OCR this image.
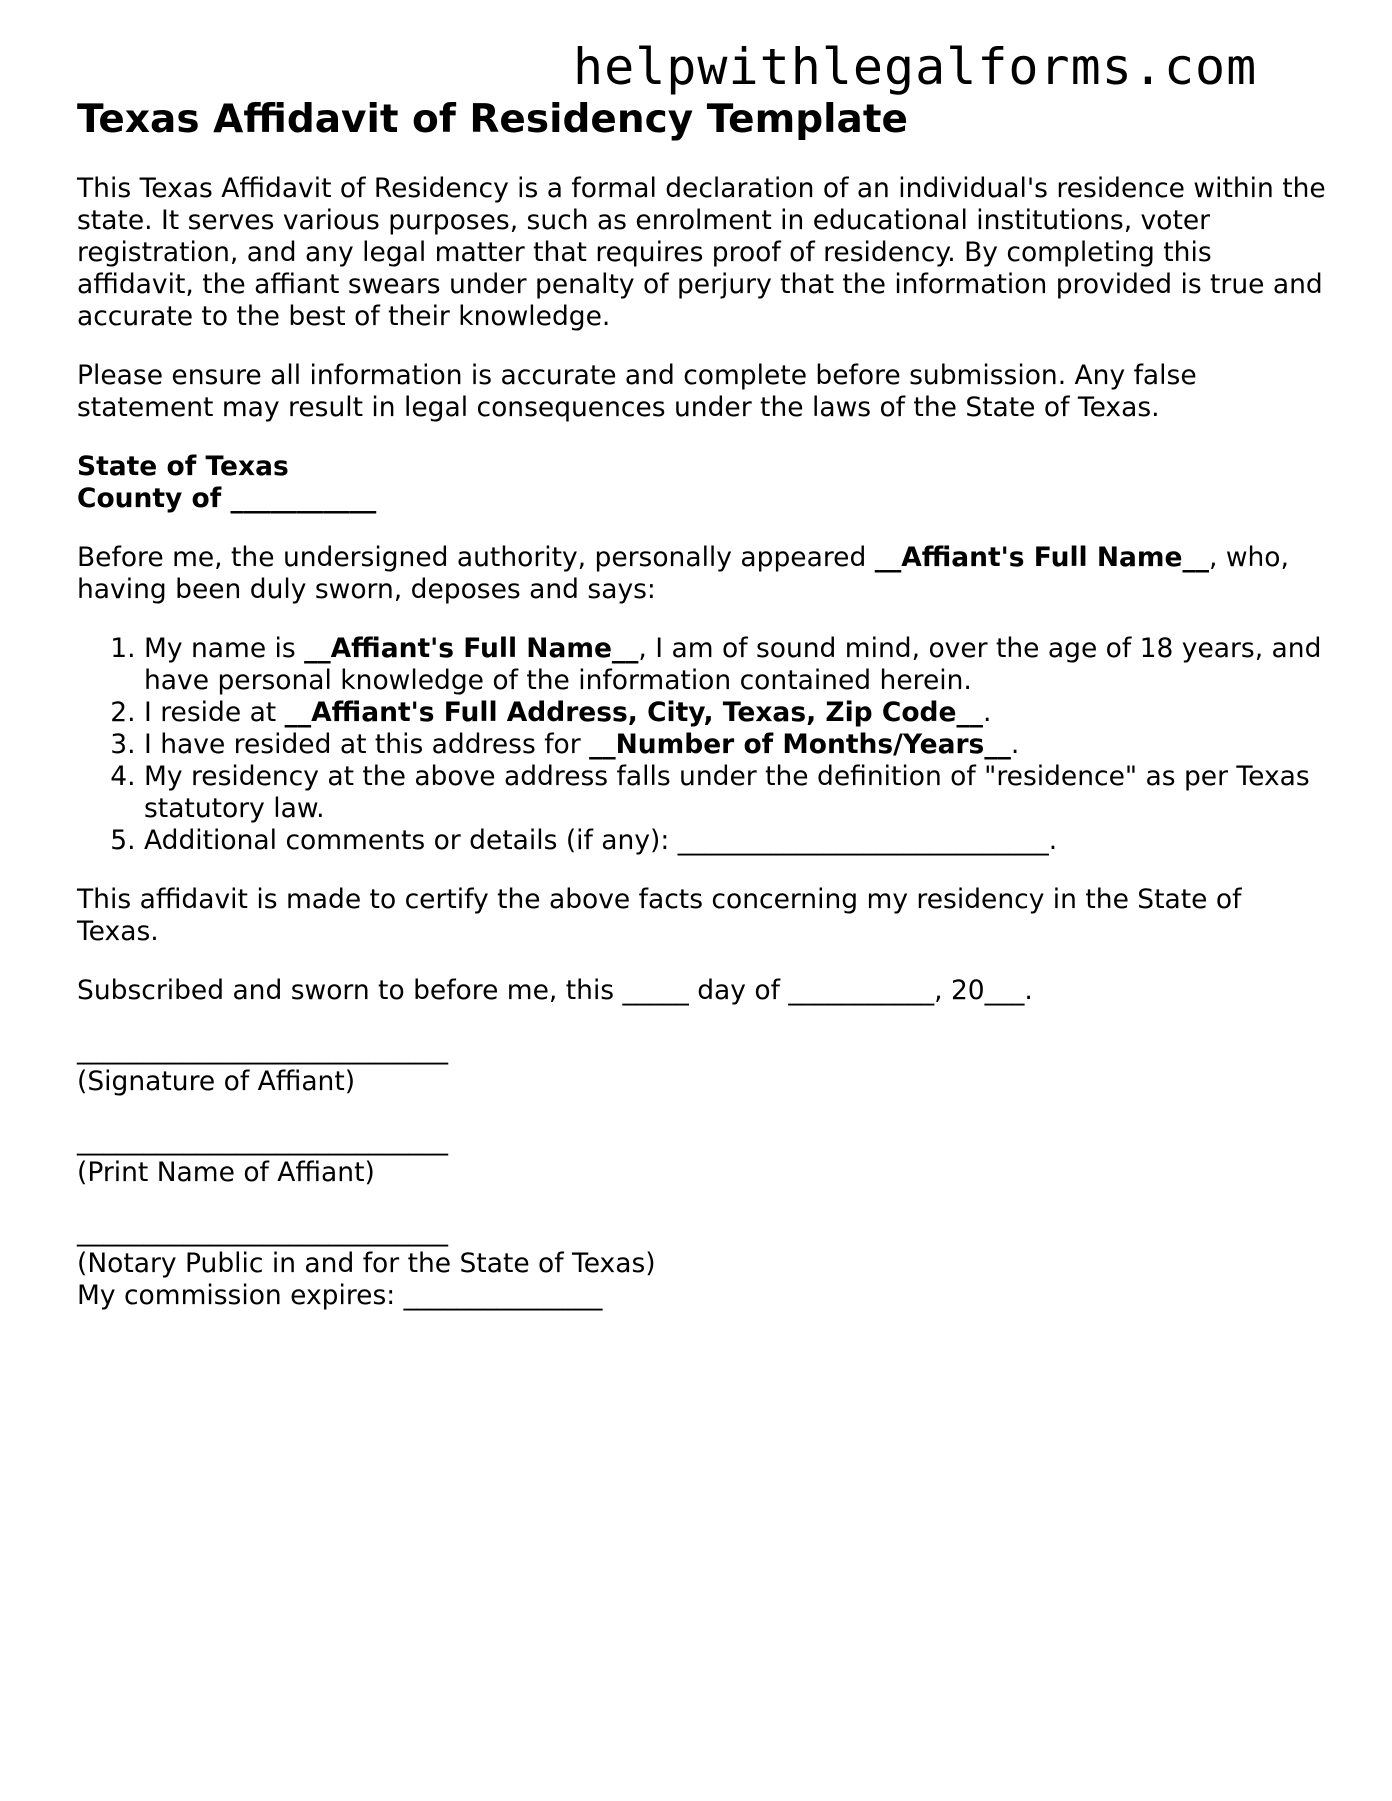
helpwithlegalforms.com
Texas Affidavit of Residency Template

This Texas Affidavit of Residency is a formal declaration of an individual's residence within the state. It serves various purposes, such as enrolment in educational institutions, voter registration, and any legal matter that requires proof of residency. By completing this affidavit, the affiant swears under penalty of perjury that the information provided is true and accurate to the best of their knowledge.

Please ensure all information is accurate and complete before submission. Any false statement may result in legal consequences under the laws of the State of Texas.

State of Texas
County of ___________

Before me, the undersigned authority, personally appeared __Affiant's Full Name__, who, having been duly sworn, deposes and says:

1. My name is __Affiant's Full Name__, I am of sound mind, over the age of 18 years, and have personal knowledge of the information contained herein.
2. I reside at __Affiant's Full Address, City, Texas, Zip Code__.
3. I have resided at this address for __Number of Months/Years__.
4. My residency at the above address falls under the definition of "residence" as per Texas statutory law.
5. Additional comments or details (if any): ____________________________.

This affidavit is made to certify the above facts concerning my residency in the State of Texas.

Subscribed and sworn to before me, this _____ day of ___________, 20___.

____________________________
(Signature of Affiant)
____________________________
(Print Name of Affiant)
____________________________
(Notary Public in and for the State of Texas)
My commission expires: _______________
